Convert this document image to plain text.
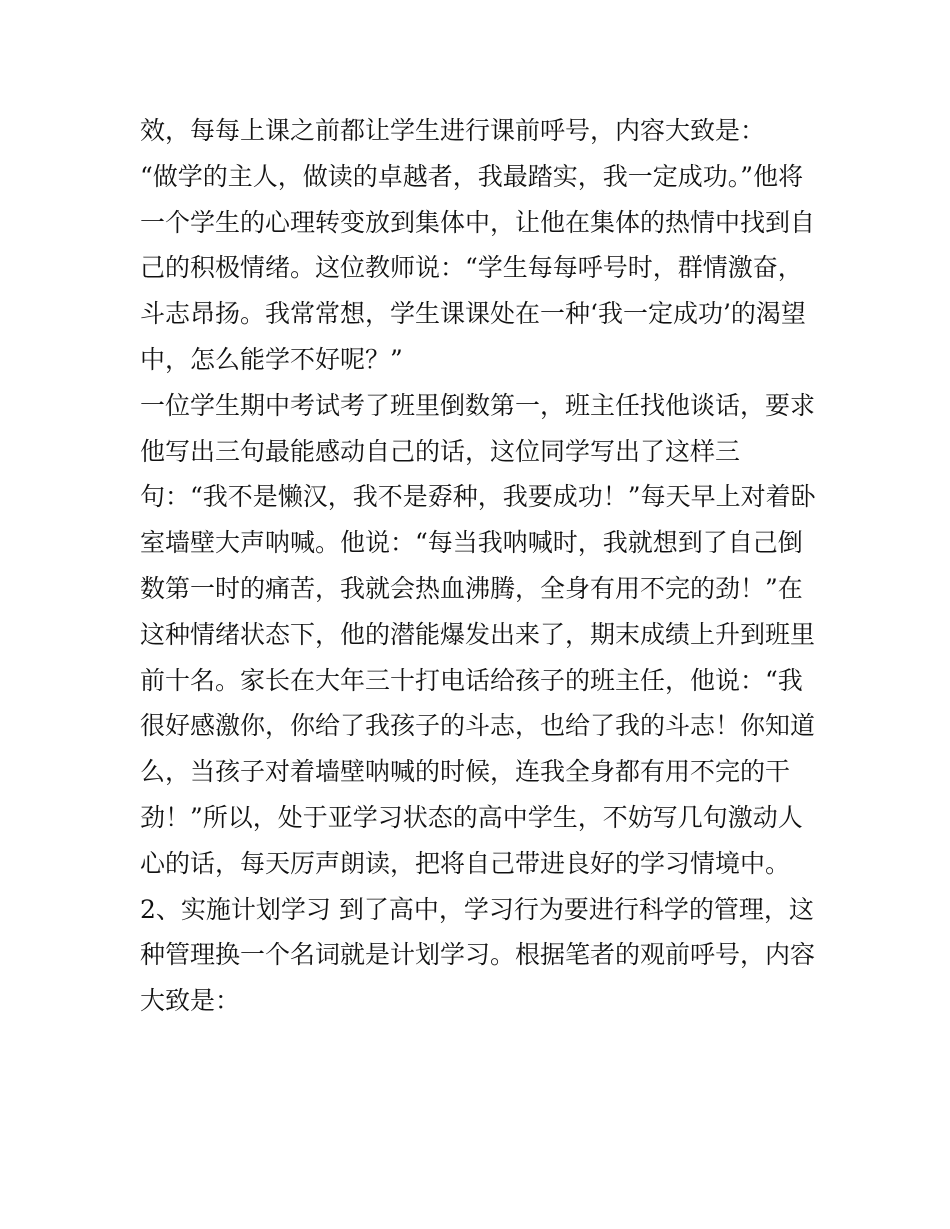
效，每每上课之前都让学生进行课前呼号，内容大致是：
“做学的主人，做读的卓越者，我最踏实，我一定成功。”他将
一个学生的心理转变放到集体中，让他在集体的热情中找到自
己的积极情绪。这位教师说：“学生每每呼号时，群情激奋，
斗志昂扬。我常常想，学生课课处在一种‘我一定成功’的渴望
中，怎么能学不好呢？”
一位学生期中考试考了班里倒数第一，班主任找他谈话，要求
他写出三句最能感动自己的话，这位同学写出了这样三
句：“我不是懒汉，我不是孬种，我要成功！”每天早上对着卧
室墙壁大声呐喊。他说：“每当我呐喊时，我就想到了自己倒
数第一时的痛苦，我就会热血沸腾，全身有用不完的劲！”在
这种情绪状态下，他的潜能爆发出来了，期末成绩上升到班里
前十名。家长在大年三十打电话给孩子的班主任，他说：“我
很好感激你，你给了我孩子的斗志，也给了我的斗志！你知道
么，当孩子对着墙壁呐喊的时候，连我全身都有用不完的干
劲！”所以，处于亚学习状态的高中学生，不妨写几句激动人
心的话，每天厉声朗读，把将自己带进良好的学习情境中。
2、实施计划学习 到了高中，学习行为要进行科学的管理，这
种管理换一个名词就是计划学习。根据笔者的观前呼号，内容
大致是：
